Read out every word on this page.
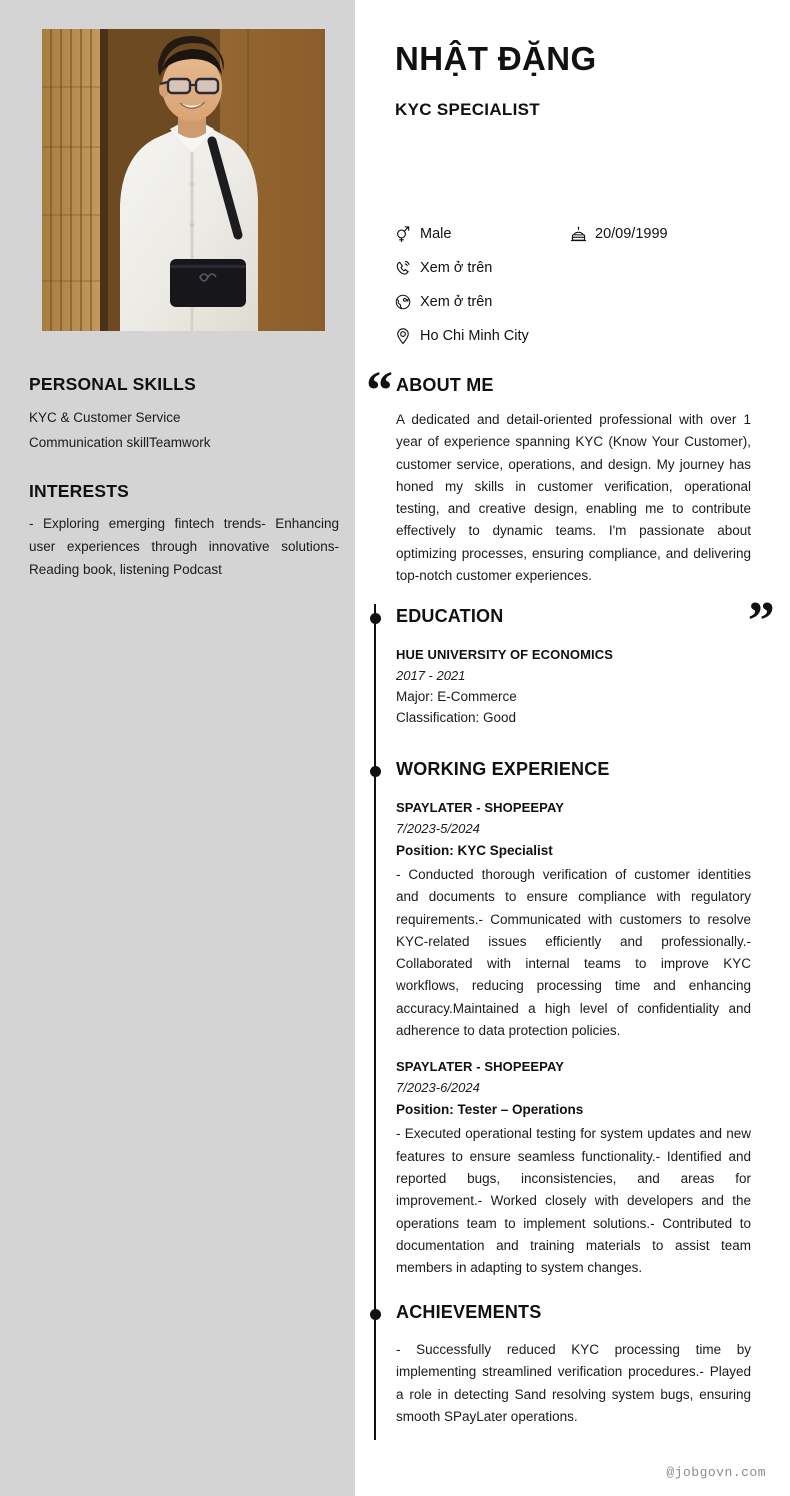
PERSONAL SKILLS
KYC & Customer Service
Communication skillTeamwork
INTERESTS
- Exploring emerging fintech trends- Enhancing user experiences through innovative solutions-Reading book, listening Podcast
NHẬT ĐẶNG
KYC SPECIALIST
Male	20/09/1999
Xem ở trên
Xem ở trên
Ho Chi Minh City
“
“
ABOUT ME
A dedicated and detail-oriented professional with over 1 year of experience spanning KYC (Know Your Customer), customer service, operations, and design. My journey has honed my skills in customer verification, operational testing, and creative design, enabling me to contribute effectively to dynamic teams. I'm passionate about optimizing processes, ensuring compliance, and delivering top-notch customer experiences.
EDUCATION
HUE UNIVERSITY OF ECONOMICS
2017 - 2021
Major: E-Commerce
Classification: Good
WORKING EXPERIENCE
SPAYLATER - SHOPEEPAY
7/2023-5/2024
Position: KYC Specialist
- Conducted thorough verification of customer identities and documents to ensure compliance with regulatory requirements.- Communicated with customers to resolve KYC-related issues efficiently and professionally.- Collaborated with internal teams to improve KYC workflows, reducing processing time and enhancing accuracy.Maintained a high level of confidentiality and adherence to data protection policies.
SPAYLATER - SHOPEEPAY
7/2023-6/2024
Position: Tester – Operations
- Executed operational testing for system updates and new features to ensure seamless functionality.- Identified and reported bugs, inconsistencies, and areas for improvement.- Worked closely with developers and the operations team to implement solutions.- Contributed to documentation and training materials to assist team members in adapting to system changes.
ACHIEVEMENTS
- Successfully reduced KYC processing time by implementing streamlined verification procedures.- Played a role in detecting Sand resolving system bugs, ensuring smooth SPayLater operations.
@jobgovn.com
